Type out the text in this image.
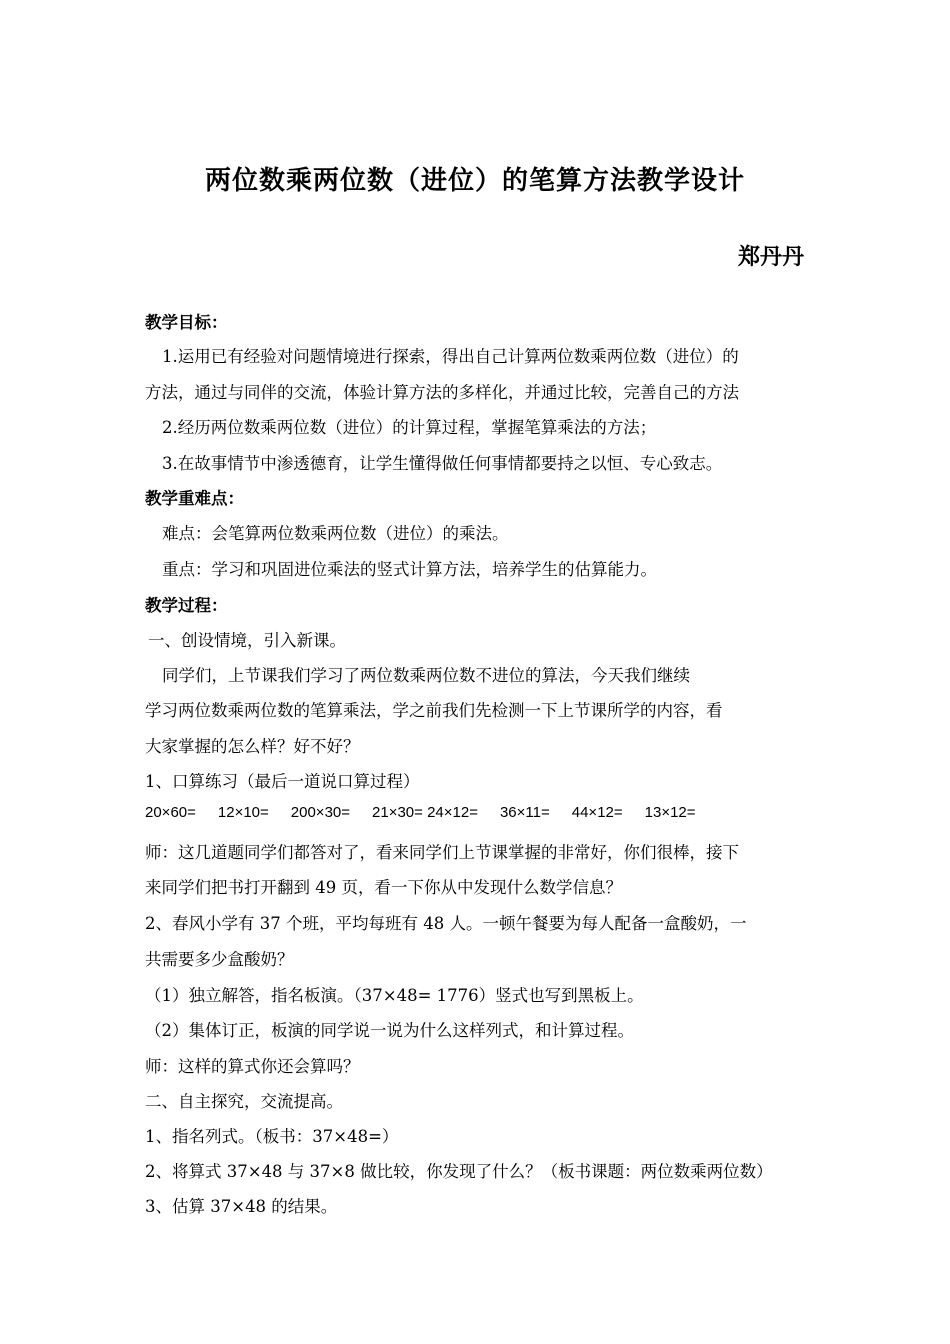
两位数乘两位数（进位）的笔算方法教学设计
郑丹丹
教学目标：
1.运用已有经验对问题情境进行探索，得出自己计算两位数乘两位数（进位）的
方法，通过与同伴的交流，体验计算方法的多样化，并通过比较，完善自己的方法
2.经历两位数乘两位数（进位）的计算过程，掌握笔算乘法的方法；
3.在故事情节中渗透德育，让学生懂得做任何事情都要持之以恒、专心致志。
教学重难点：
难点：会笔算两位数乘两位数（进位）的乘法。
重点：学习和巩固进位乘法的竖式计算方法，培养学生的估算能力。
教学过程：
一、创设情境，引入新课。
同学们，上节课我们学习了两位数乘两位数不进位的算法，今天我们继续
学习两位数乘两位数的笔算乘法，学之前我们先检测一下上节课所学的内容，看
大家掌握的怎么样？好不好？
1、口算练习（最后一道说口算过程）
20×60= 12×10= 200×30= 21×30= 24×12= 36×11= 44×12= 13×12=
师：这几道题同学们都答对了，看来同学们上节课掌握的非常好，你们很棒，接下
来同学们把书打开翻到 49 页，看一下你从中发现什么数学信息？
2、春风小学有 37 个班，平均每班有 48 人。一顿午餐要为每人配备一盒酸奶，一
共需要多少盒酸奶？
（1）独立解答，指名板演。（37×48= 1776）竖式也写到黑板上。
（2）集体订正，板演的同学说一说为什么这样列式，和计算过程。
师：这样的算式你还会算吗？
二、自主探究，交流提高。
1、指名列式。（板书：37×48=）
2、将算式 37×48 与 37×8 做比较，你发现了什么？（板书课题：两位数乘两位数）
3、估算 37×48 的结果。
